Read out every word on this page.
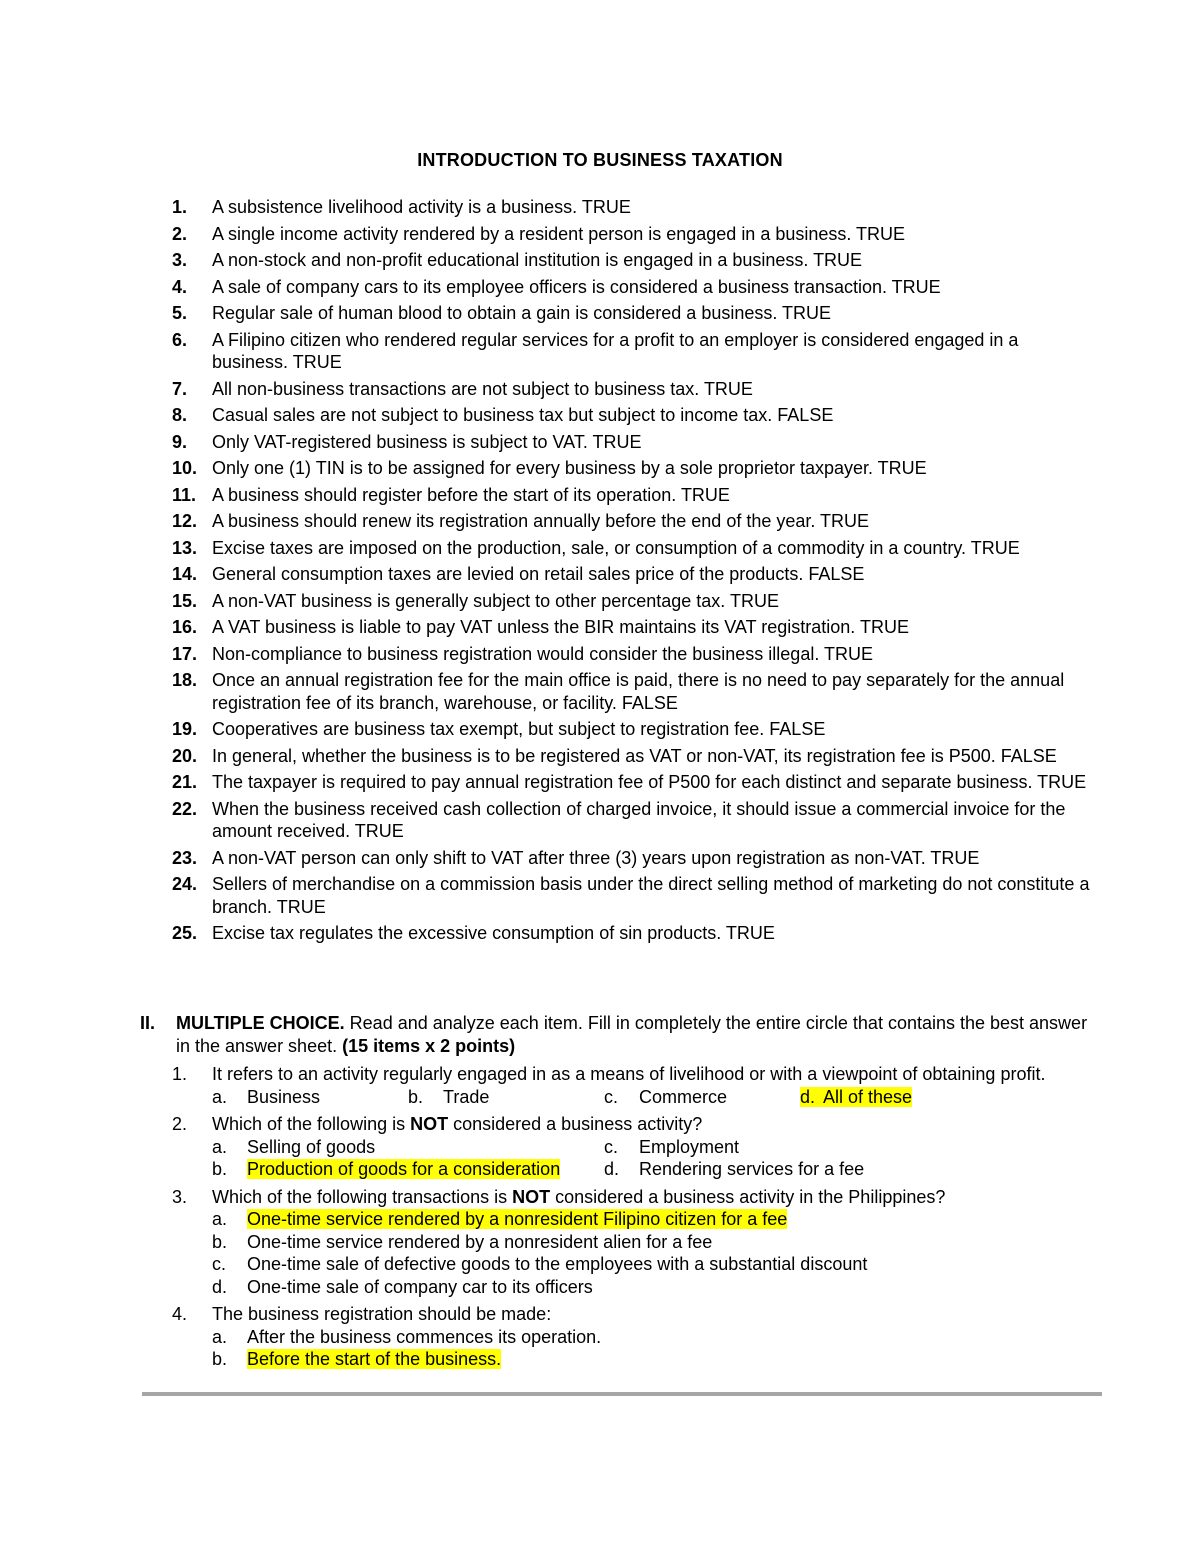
INTRODUCTION TO BUSINESS TAXATION
1. A subsistence livelihood activity is a business. TRUE
2. A single income activity rendered by a resident person is engaged in a business. TRUE
3. A non-stock and non-profit educational institution is engaged in a business. TRUE
4. A sale of company cars to its employee officers is considered a business transaction. TRUE
5. Regular sale of human blood to obtain a gain is considered a business. TRUE
6. A Filipino citizen who rendered regular services for a profit to an employer is considered engaged in a business. TRUE
7. All non-business transactions are not subject to business tax. TRUE
8. Casual sales are not subject to business tax but subject to income tax. FALSE
9. Only VAT-registered business is subject to VAT. TRUE
10. Only one (1) TIN is to be assigned for every business by a sole proprietor taxpayer. TRUE
11. A business should register before the start of its operation. TRUE
12. A business should renew its registration annually before the end of the year. TRUE
13. Excise taxes are imposed on the production, sale, or consumption of a commodity in a country. TRUE
14. General consumption taxes are levied on retail sales price of the products. FALSE
15. A non-VAT business is generally subject to other percentage tax. TRUE
16. A VAT business is liable to pay VAT unless the BIR maintains its VAT registration. TRUE
17. Non-compliance to business registration would consider the business illegal. TRUE
18. Once an annual registration fee for the main office is paid, there is no need to pay separately for the annual registration fee of its branch, warehouse, or facility. FALSE
19. Cooperatives are business tax exempt, but subject to registration fee. FALSE
20. In general, whether the business is to be registered as VAT or non-VAT, its registration fee is P500. FALSE
21. The taxpayer is required to pay annual registration fee of P500 for each distinct and separate business. TRUE
22. When the business received cash collection of charged invoice, it should issue a commercial invoice for the amount received. TRUE
23. A non-VAT person can only shift to VAT after three (3) years upon registration as non-VAT. TRUE
24. Sellers of merchandise on a commission basis under the direct selling method of marketing do not constitute a branch. TRUE
25. Excise tax regulates the excessive consumption of sin products. TRUE
II. MULTIPLE CHOICE. Read and analyze each item. Fill in completely the entire circle that contains the best answer in the answer sheet. (15 items x 2 points)
1. It refers to an activity regularly engaged in as a means of livelihood or with a viewpoint of obtaining profit.
a. Business	b. Trade	c. Commerce	d. All of these
2. Which of the following is NOT considered a business activity?
a. Selling of goods	c. Employment
b. Production of goods for a consideration	d. Rendering services for a fee
3. Which of the following transactions is NOT considered a business activity in the Philippines?
a. One-time service rendered by a nonresident Filipino citizen for a fee
b. One-time service rendered by a nonresident alien for a fee
c. One-time sale of defective goods to the employees with a substantial discount
d. One-time sale of company car to its officers
4. The business registration should be made:
a. After the business commences its operation.
b. Before the start of the business.
